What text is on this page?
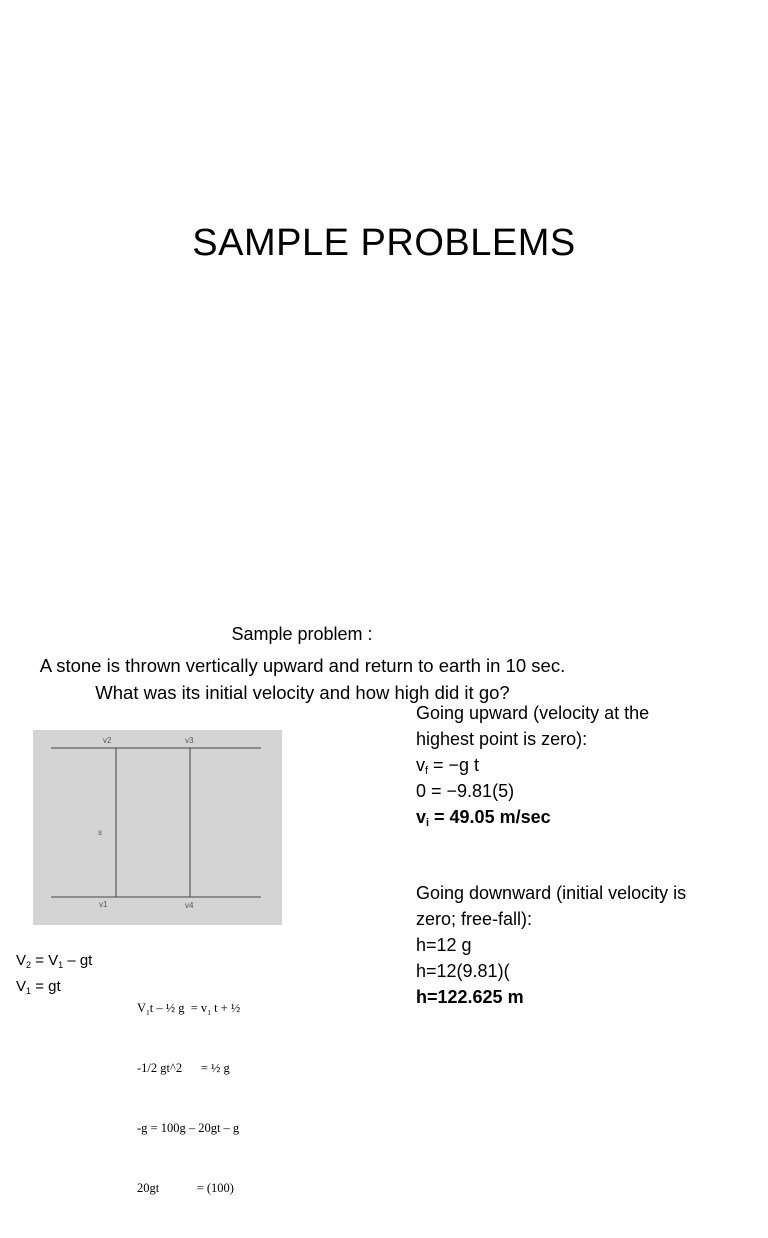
SAMPLE PROBLEMS
Sample problem :
A stone is thrown vertically upward and return to earth in 10 sec. What was its initial velocity and how high did it go?
v2	v3
s
v1	v4

Going upward (velocity at the

highest point is zero):

$v_f = -g$ t

0 = −9.81(5)

$v_i = 49.05$ m/sec

Going downward (initial velocity is

zero; free-fall):

h=12 g

h=12(9.81)(

h=122.625 m

$V_2 = V_1$ – gt

$V_1$ = gt

$V_1t$ – ½ $g = v_1$ t + ½

-1/2 gt^2      = ½ g

-g = 100g – 20gt – g

20gt            = (100)
